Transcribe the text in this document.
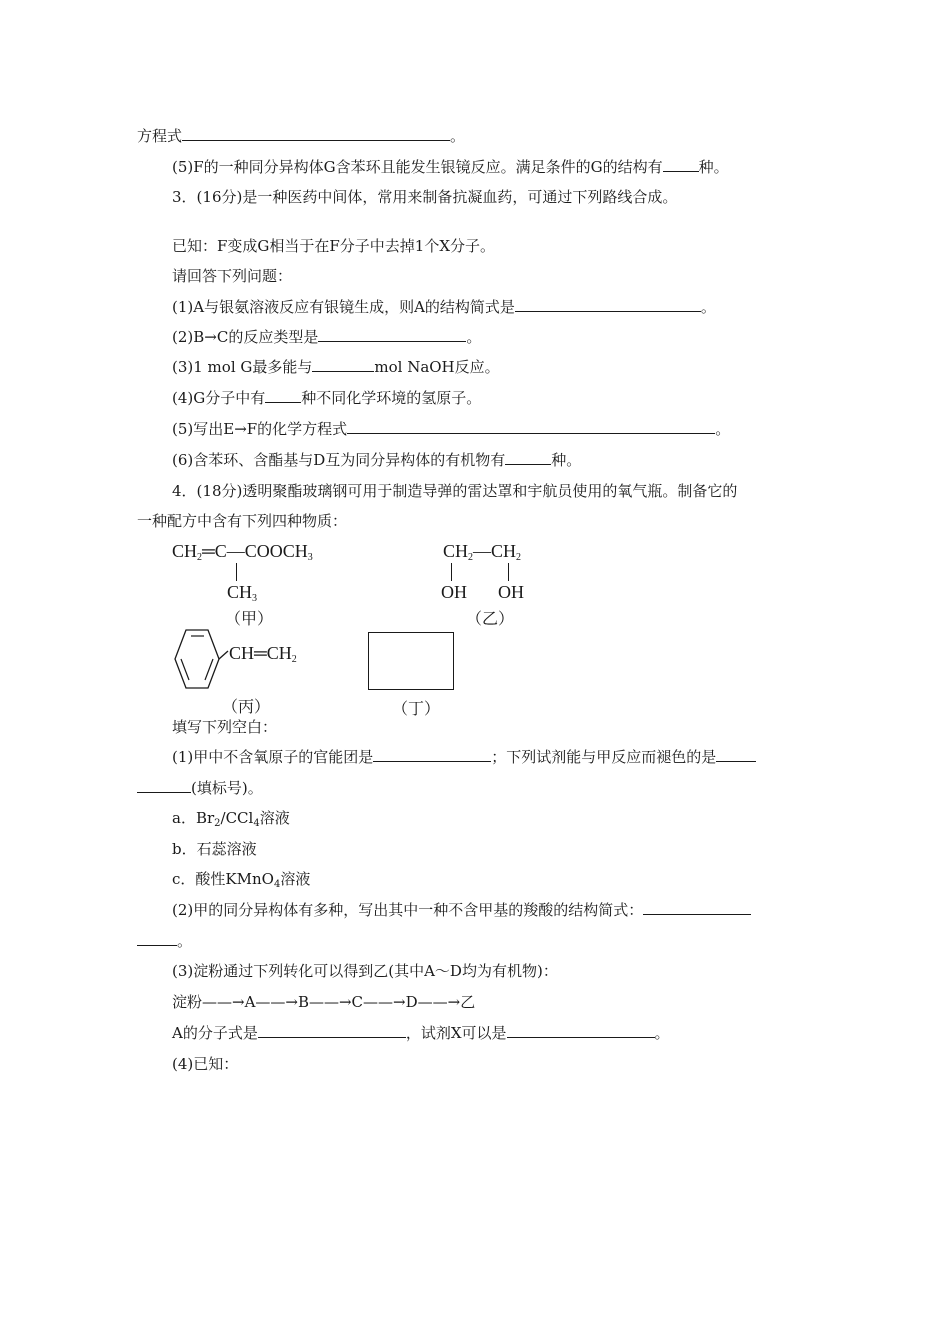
方程式	。
(5)F的一种同分异构体G含苯环且能发生银镜反应。满足条件的G的结构有 种。
3．(16分)是一种医药中间体，常用来制备抗凝血药，可通过下列路线合成。
已知：F变成G相当于在F分子中去掉1个X分子。
请回答下列问题：
(1)A与银氨溶液反应有银镜生成，则A的结构简式是	。
(2)B→C的反应类型是	。
(3)1 mol G最多能与	mol NaOH反应。
(4)G分子中有 种不同化学环境的氢原子。
(5)写出E→F的化学方程式	。
(6)含苯环、含酯基与D互为同分异构体的有机物有	种。
4．(18分)透明聚酯玻璃钢可用于制造导弹的雷达罩和宇航员使用的氧气瓶。制备它的
一种配方中含有下列四种物质：
$CH_2═C—COOCH_3$
$CH_3$
（甲）
$CH_2—CH_2$
OH OH
（乙）
$CH═CH_2$
（丙）	（丁）
填写下列空白：
(1)甲中不含氧原子的官能团是	；下列试剂能与甲反应而褪色的是
(填标号)。
a．$Br_2/CCl_4$溶液
b．石蕊溶液
c．酸性KMnO$_4$溶液
(2)甲的同分异构体有多种，写出其中一种不含甲基的羧酸的结构简式：
。
(3)淀粉通过下列转化可以得到乙(其中A～D均为有机物)：
淀粉——→A——→B——→C——→D——→乙
A的分子式是	，试剂X可以是	。
(4)已知：
